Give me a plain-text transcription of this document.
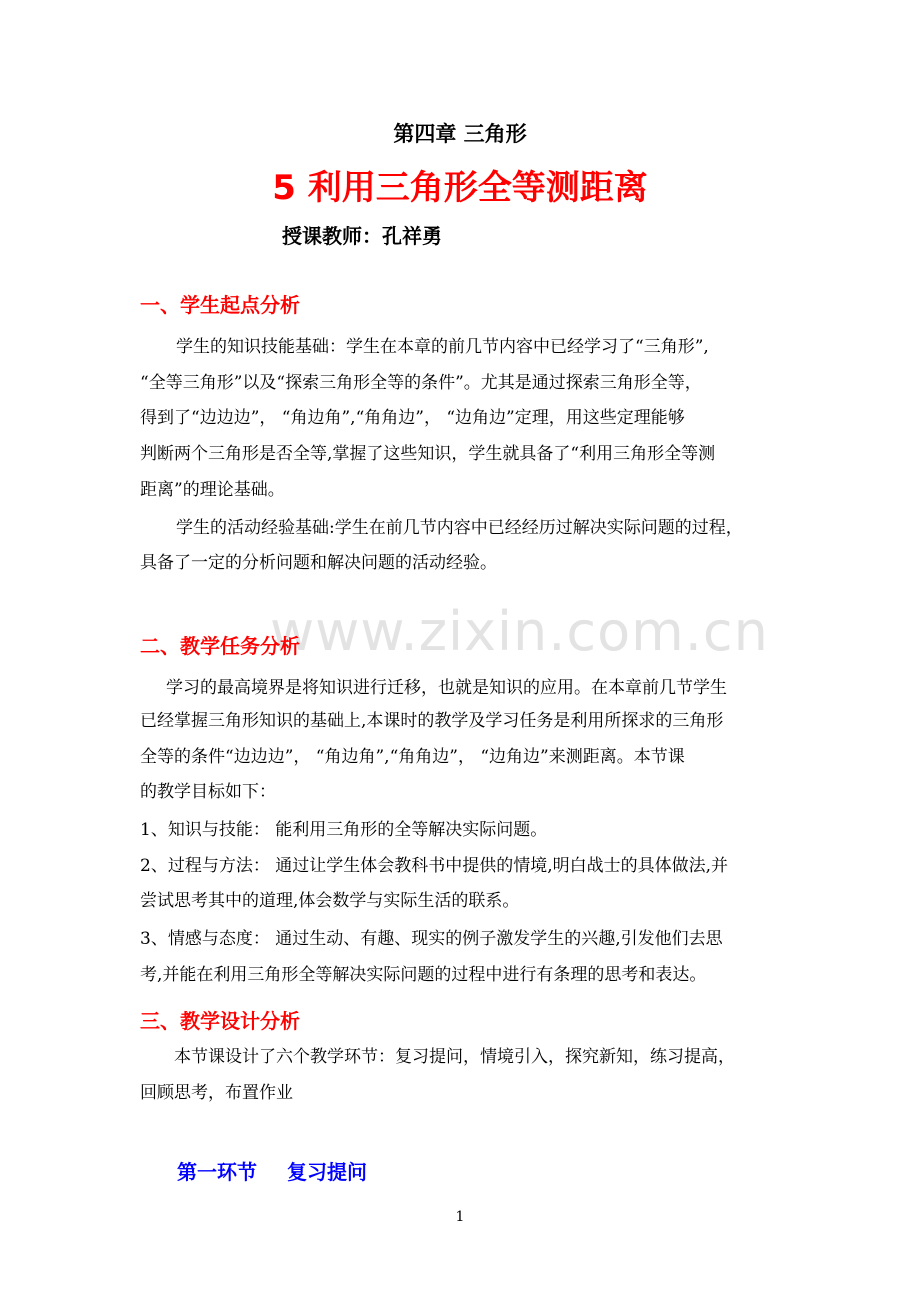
第四章 三角形
5 利用三角形全等测距离
授课教师：孔祥勇
一、学生起点分析
学生的知识技能基础：学生在本章的前几节内容中已经学习了“三角形”,
“全等三角形”以及“探索三角形全等的条件”。尤其是通过探索三角形全等，
得到了“边边边”， “角边角”,“角角边”， “边角边”定理，用这些定理能够
判断两个三角形是否全等,掌握了这些知识，学生就具备了“利用三角形全等测
距离”的理论基础。
学生的活动经验基础:学生在前几节内容中已经经历过解决实际问题的过程，
具备了一定的分析问题和解决问题的活动经验。
www.zixin.com.cn
二、教学任务分析
学习的最高境界是将知识进行迁移，也就是知识的应用。在本章前几节学生
已经掌握三角形知识的基础上,本课时的教学及学习任务是利用所探求的三角形
全等的条件“边边边”， “角边角”,“角角边”， “边角边”来测距离。本节课
的教学目标如下：
1、知识与技能： 能利用三角形的全等解决实际问题。
2、过程与方法： 通过让学生体会教科书中提供的情境,明白战士的具体做法,并
尝试思考其中的道理,体会数学与实际生活的联系。
3、情感与态度： 通过生动、有趣、现实的例子激发学生的兴趣,引发他们去思
考,并能在利用三角形全等解决实际问题的过程中进行有条理的思考和表达。
三、教学设计分析
本节课设计了六个教学环节：复习提问，情境引入，探究新知，练习提高，
回顾思考，布置作业
第一环节 复习提问
1
